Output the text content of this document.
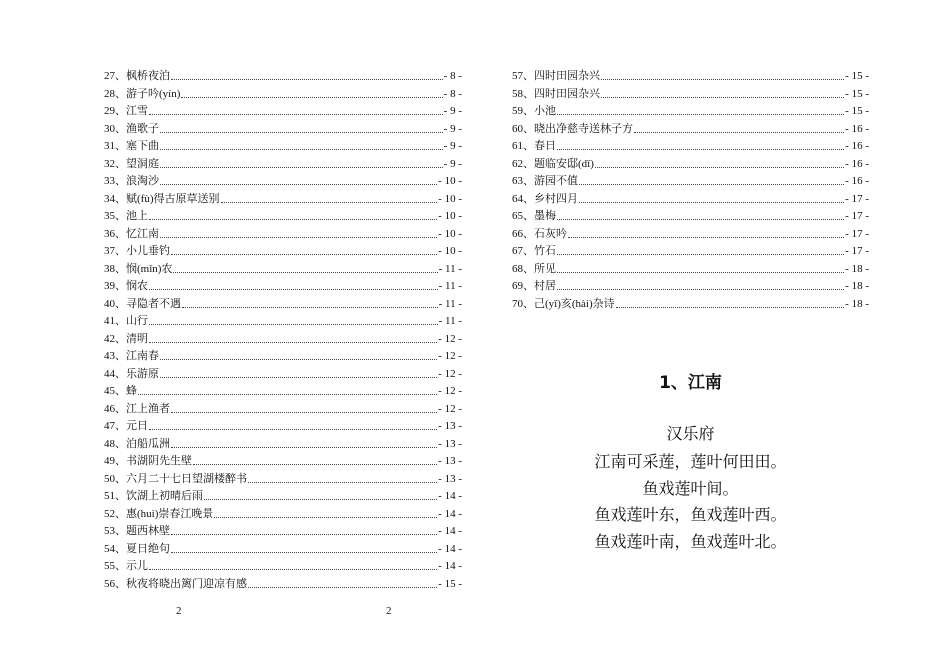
27、 枫桥夜泊	- 8 -
28、 游子吟(yín)	- 8 -
29、 江雪	- 9 -
30、 渔歌子	- 9 -
31、 塞下曲	- 9 -
32、 望洞庭	- 9 -
33、 浪淘沙	- 10 -
34、 赋(fù)得古原草送别	- 10 -
35、 池上	- 10 -
36、 忆江南	- 10 -
37、 小儿垂钓	- 10 -
38、 悯(mǐn)农	- 11 -
39、 悯农	- 11 -
40、 寻隐者不遇	- 11 -
41、 山行	- 11 -
42、 清明	- 12 -
43、 江南春	- 12 -
44、 乐游原	- 12 -
45、 蜂	- 12 -
46、 江上渔者	- 12 -
47、 元日	- 13 -
48、 泊船瓜洲	- 13 -
49、 书湖阴先生壁	- 13 -
50、 六月二十七日望湖楼醉书	- 13 -
51、 饮湖上初晴后雨	- 14 -
52、 惠(huì)崇春江晚景	- 14 -
53、 题西林壁	- 14 -
54、 夏日绝句	- 14 -
55、 示儿	- 14 -
56、 秋夜将晓出篱门迎凉有感	- 15 -
57、 四时田园杂兴	- 15 -
58、 四时田园杂兴	- 15 -
59、 小池	- 15 -
60、 晓出净慈寺送林子方	- 16 -
61、 春日	- 16 -
62、 题临安邸(dǐ)	- 16 -
63、 游园不值	- 16 -
64、 乡村四月	- 17 -
65、 墨梅	- 17 -
66、 石灰吟	- 17 -
67、 竹石	- 17 -
68、 所见	- 18 -
69、 村居	- 18 -
70、 己(yǐ)亥(hài)杂诗	- 18 -
2	2
1、江南
汉乐府
江南可采莲，莲叶何田田。
鱼戏莲叶间。
鱼戏莲叶东，鱼戏莲叶西。
鱼戏莲叶南，鱼戏莲叶北。
